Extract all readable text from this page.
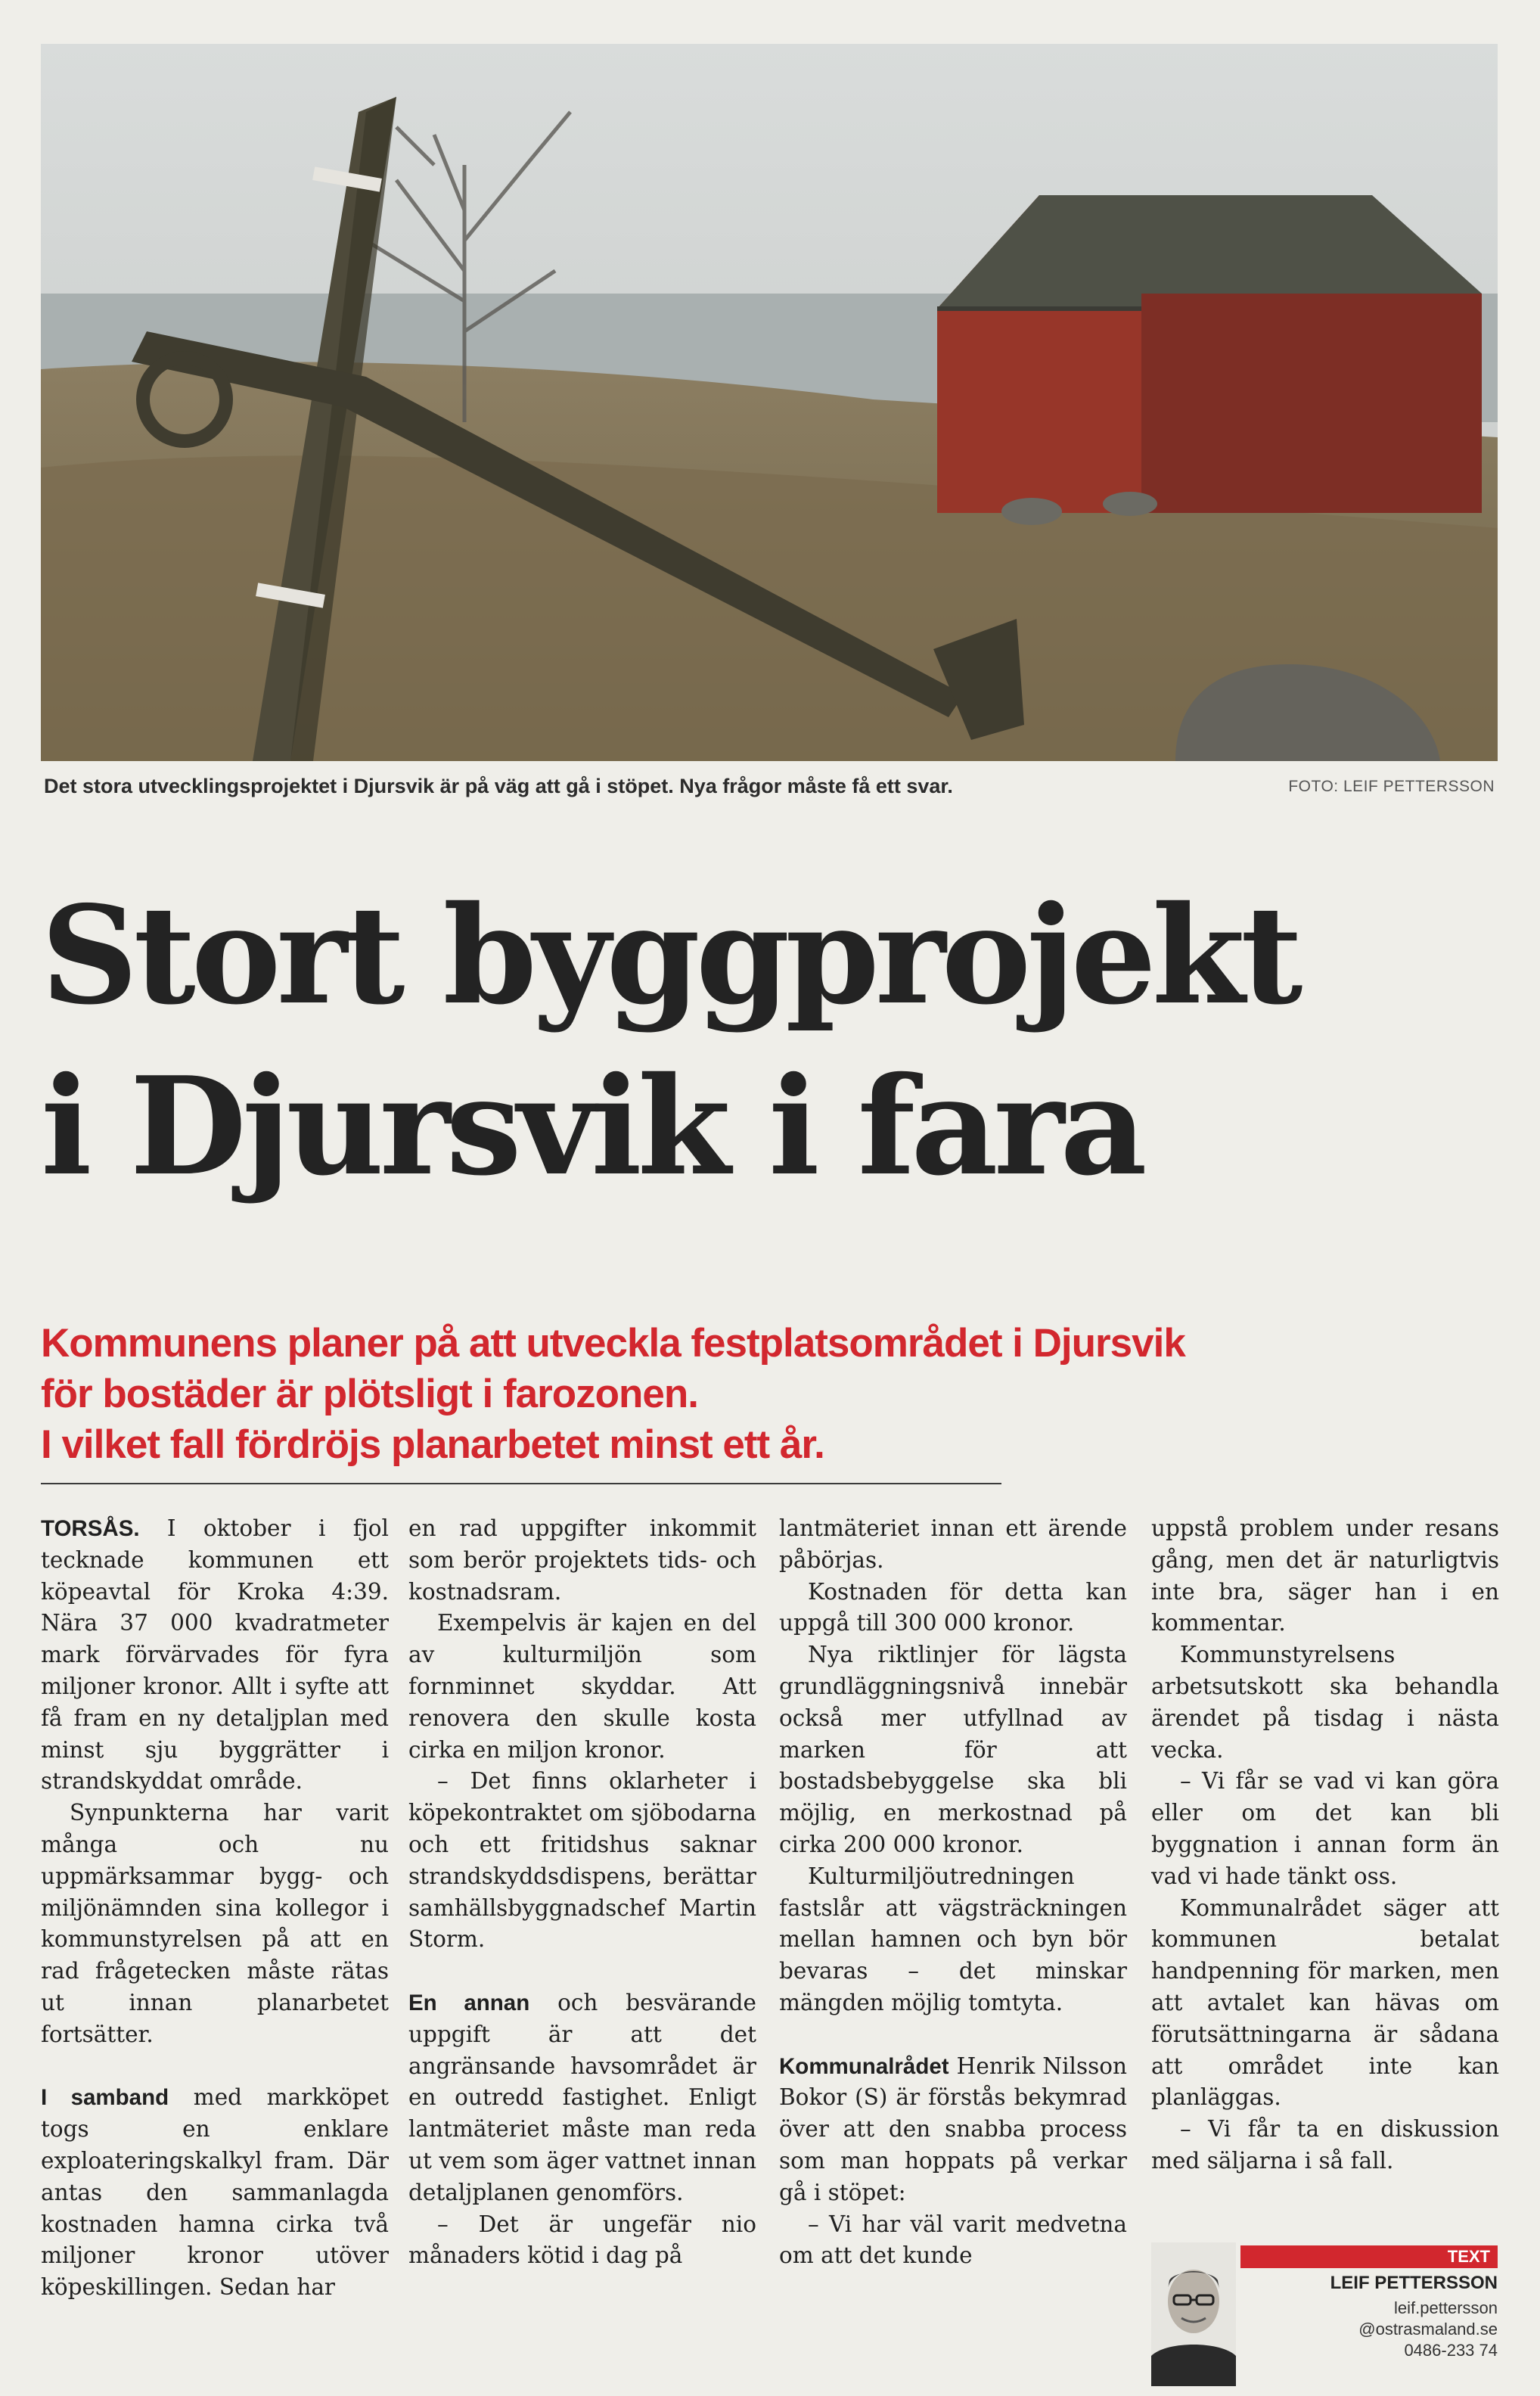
Det stora utvecklingsprojektet i Djursvik är på väg att gå i stöpet. Nya frågor måste få ett svar.	FOTO: LEIF PETTERSSON
Stort byggprojekt
i Djursvik i fara
Kommunens planer på att utveckla festplatsområdet i Djursvik
för bostäder är plötsligt i farozonen.
I vilket fall fördröjs planarbetet minst ett år.

TORSÅS. I oktober i fjol tecknade kommunen ett köpeavtal för Kroka 4:39. Nära 37 000 kvadratmeter mark förvärvades för fyra miljoner kronor. Allt i syfte att få fram en ny detaljplan med minst sju byggrätter i strandskyddat område.

Synpunkterna har varit många och nu uppmärksammar bygg- och miljönämnden sina kollegor i kommunstyrelsen på att en rad frågetecken måste rätas ut innan planarbetet fortsätter.

I samband med markköpet togs en enklare exploateringskalkyl fram. Där antas den sammanlagda kostnaden hamna cirka två miljoner kronor utöver köpeskillingen. Sedan har

en rad uppgifter inkommit som berör projektets tids- och kostnadsram.

Exempelvis är kajen en del av kulturmiljön som fornminnet skyddar. Att renovera den skulle kosta cirka en miljon kronor.

– Det finns oklarheter i köpekontraktet om sjöbodarna och ett fritidshus saknar strandskyddsdispens, berättar samhällsbyggnadschef Martin Storm.

En annan och besvärande uppgift är att det angränsande havsområdet är en outredd fastighet. Enligt lantmäteriet måste man reda ut vem som äger vattnet innan detaljplanen genomförs.

– Det är ungefär nio månaders kötid i dag på

lantmäteriet innan ett ärende påbörjas.

Kostnaden för detta kan uppgå till 300 000 kronor.

Nya riktlinjer för lägsta grundläggningsnivå innebär också mer utfyllnad av marken för att bostadsbebyggelse ska bli möjlig, en merkostnad på cirka 200 000 kronor.

Kulturmiljöutredningen fastslår att vägsträckningen mellan hamnen och byn bör bevaras – det minskar mängden möjlig tomtyta.

Kommunalrådet Henrik Nilsson Bokor (S) är förstås bekymrad över att den snabba process som man hoppats på verkar gå i stöpet:

– Vi har väl varit medvetna om att det kunde

uppstå problem under resans gång, men det är naturligtvis inte bra, säger han i en kommentar.

Kommunstyrelsens arbetsutskott ska behandla ärendet på tisdag i nästa vecka.

– Vi får se vad vi kan göra eller om det kan bli byggnation i annan form än vad vi hade tänkt oss.

Kommunalrådet säger att kommunen betalat handpenning för marken, men att avtalet kan hävas om förutsättningarna är sådana att området inte kan planläggas.

– Vi får ta en diskussion med säljarna i så fall.

TEXT
LEIF PETTERSSON
leif.pettersson
@ostrasmaland.se
0486-233 74
